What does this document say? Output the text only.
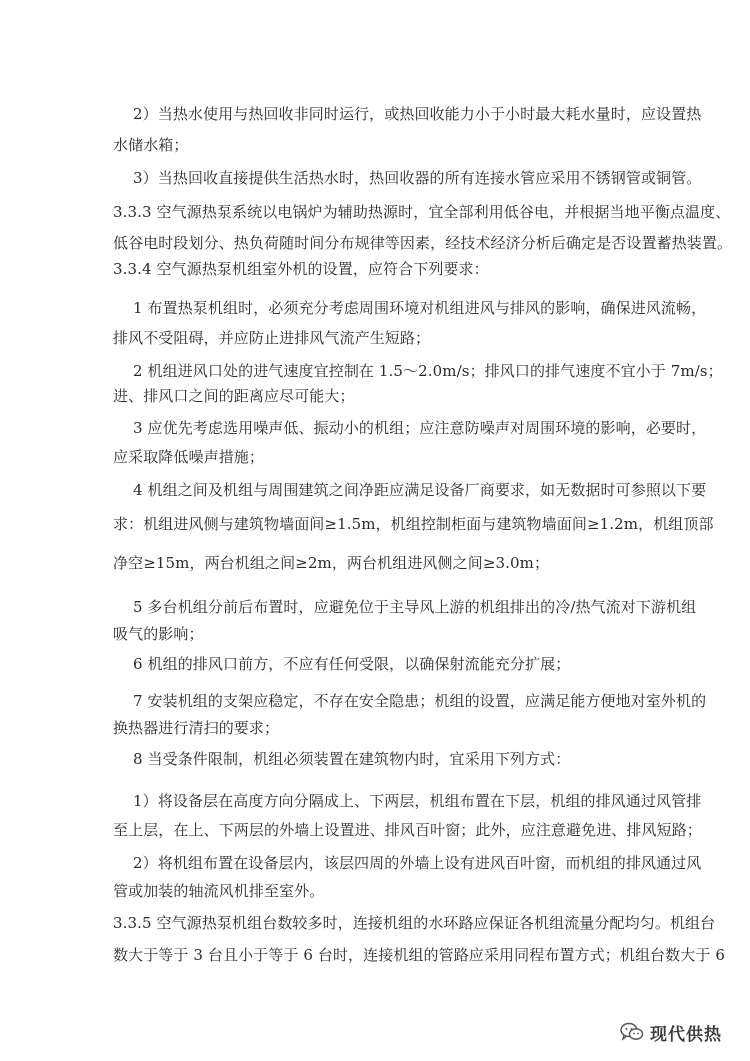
2）当热水使用与热回收非同时运行，或热回收能力小于小时最大耗水量时，应设置热
水储水箱；
3）当热回收直接提供生活热水时，热回收器的所有连接水管应采用不锈钢管或铜管。
3.3.3 空气源热泵系统以电锅炉为辅助热源时，宜全部利用低谷电，并根据当地平衡点温度、
低谷电时段划分、热负荷随时间分布规律等因素，经技术经济分析后确定是否设置蓄热装置。
3.3.4 空气源热泵机组室外机的设置，应符合下列要求：
1 布置热泵机组时，必须充分考虑周围环境对机组进风与排风的影响，确保进风流畅，
排风不受阻碍，并应防止进排风气流产生短路；
2 机组进风口处的进气速度宜控制在 1.5～2.0m/s；排风口的排气速度不宜小于 7m/s；
进、排风口之间的距离应尽可能大；
3 应优先考虑选用噪声低、振动小的机组；应注意防噪声对周围环境的影响，必要时，
应采取降低噪声措施；
4 机组之间及机组与周围建筑之间净距应满足设备厂商要求，如无数据时可参照以下要
求：机组进风侧与建筑物墙面间≥1.5m，机组控制柜面与建筑物墙面间≥1.2m，机组顶部
净空≥15m，两台机组之间≥2m，两台机组进风侧之间≥3.0m；
5 多台机组分前后布置时，应避免位于主导风上游的机组排出的冷/热气流对下游机组
吸气的影响；
6 机组的排风口前方，不应有任何受限，以确保射流能充分扩展；
7 安装机组的支架应稳定，不存在安全隐患；机组的设置，应满足能方便地对室外机的
换热器进行清扫的要求；
8 当受条件限制，机组必须装置在建筑物内时，宜采用下列方式：
1）将设备层在高度方向分隔成上、下两层，机组布置在下层，机组的排风通过风管排
至上层，在上、下两层的外墙上设置进、排风百叶窗；此外，应注意避免进、排风短路；
2）将机组布置在设备层内，该层四周的外墙上设有进风百叶窗，而机组的排风通过风
管或加装的轴流风机排至室外。
3.3.5 空气源热泵机组台数较多时，连接机组的水环路应保证各机组流量分配均匀。机组台
数大于等于 3 台且小于等于 6 台时，连接机组的管路应采用同程布置方式；机组台数大于 6
现代供热
